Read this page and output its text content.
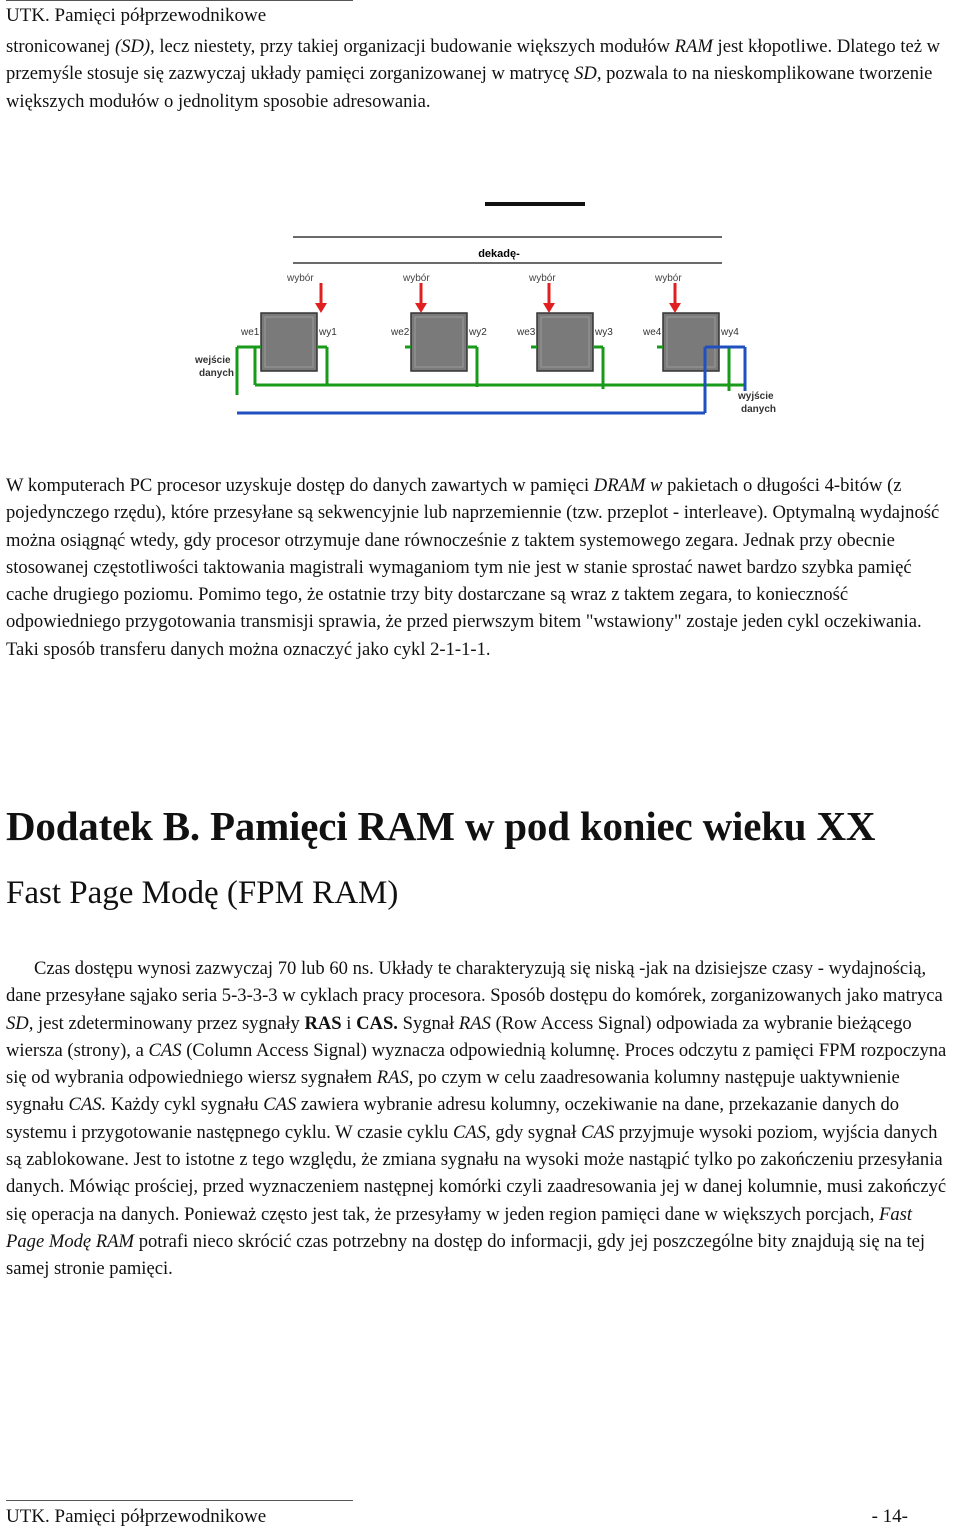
UTK. Pamięci półprzewodnikowe

stronicowanej (SD), lecz niestety, przy takiej organizacji budowanie większych modułów RAM jest kłopotliwe. Dlatego też w przemyśle stosuje się zazwyczaj układy pamięci zorganizowanej w matrycę SD, pozwala to na nieskomplikowane tworzenie większych modułów o jednolitym sposobie adresowania.

dekadę-
wybór
we1	wy1
wybór
we2	wy2
wybór
we3	wy3
wybór
we4	wy4
wejście
danych
wyjście
danych

W komputerach PC procesor uzyskuje dostęp do danych zawartych w pamięci DRAM w pakietach o długości 4-bitów (z pojedynczego rzędu), które przesyłane są sekwencyjnie lub naprzemiennie (tzw. przeplot - interleave). Optymalną wydajność można osiągnąć wtedy, gdy procesor otrzymuje dane równocześnie z taktem systemowego zegara. Jednak przy obecnie stosowanej częstotliwości taktowania magistrali wymaganiom tym nie jest w stanie sprostać nawet bardzo szybka pamięć cache drugiego poziomu. Pomimo tego, że ostatnie trzy bity dostarczane są wraz z taktem zegara, to konieczność odpowiedniego przygotowania transmisji sprawia, że przed pierwszym bitem "wstawiony" zostaje jeden cykl oczekiwania. Taki sposób transferu danych można oznaczyć jako cykl 2-1-1-1.

Dodatek B. Pamięci RAM w pod koniec wieku XX
Fast Page Modę (FPM RAM)

Czas dostępu wynosi zazwyczaj 70 lub 60 ns. Układy te charakteryzują się niską -jak na dzisiejsze czasy - wydajnością, dane przesyłane sąjako seria 5-3-3-3 w cyklach pracy procesora. Sposób dostępu do komórek, zorganizowanych jako matryca SD, jest zdeterminowany przez sygnały RAS i CAS. Sygnał RAS (Row Access Signal) odpowiada za wybranie bieżącego wiersza (strony), a CAS (Column Access Signal) wyznacza odpowiednią kolumnę. Proces odczytu z pamięci FPM rozpoczyna się od wybrania odpowiedniego wiersz sygnałem RAS, po czym w celu zaadresowania kolumny następuje uaktywnienie sygnału CAS. Każdy cykl sygnału CAS zawiera wybranie adresu kolumny, oczekiwanie na dane, przekazanie danych do systemu i przygotowanie następnego cyklu. W czasie cyklu CAS, gdy sygnał CAS przyjmuje wysoki poziom, wyjścia danych są zablokowane. Jest to istotne z tego względu, że zmiana sygnału na wysoki może nastąpić tylko po zakończeniu przesyłania danych. Mówiąc prościej, przed wyznaczeniem następnej komórki czyli zaadresowania jej w danej kolumnie, musi zakończyć się operacja na danych. Ponieważ często jest tak, że przesyłamy w jeden region pamięci dane w większych porcjach, Fast Page Modę RAM potrafi nieco skrócić czas potrzebny na dostęp do informacji, gdy jej poszczególne bity znajdują się na tej samej stronie pamięci.

UTK. Pamięci półprzewodnikowe	- 14-
